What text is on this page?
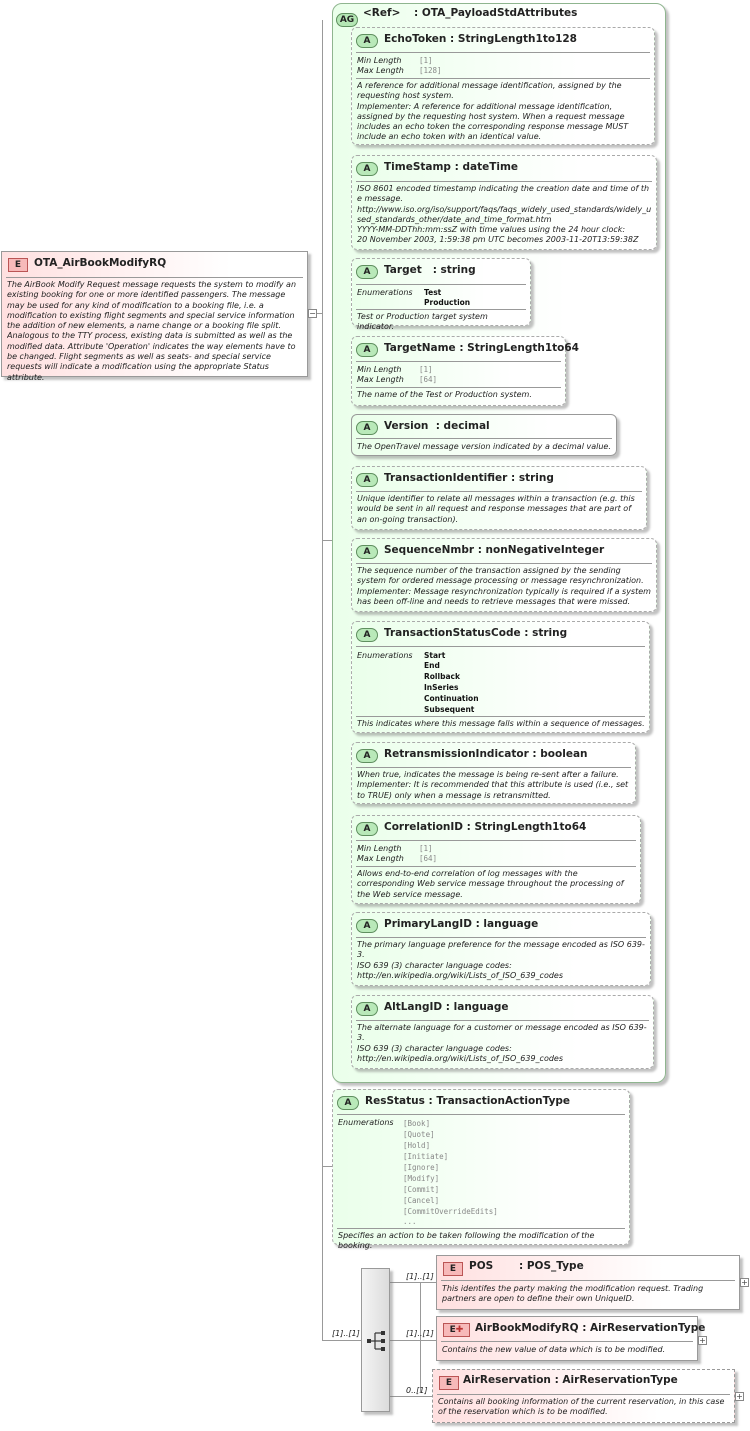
E	OTA_AirBookModifyRQ
The AirBook Modify Request message requests the system to modify an existing booking for one or more identified passengers. The message may be used for any kind of modification to a booking file, i.e. a modification to existing flight segments and special service information the addition of new elements, a name change or a booking file split. Analogous to the TTY process, existing data is submitted as well as the modified data. Attribute 'Operation' indicates the way elements have to be changed. Flight segments as well as seats- and special service requests will indicate a modification using the appropriate Status attribute.
−
AG
<Ref> : OTA_PayloadStdAttributes
A	EchoToken : StringLength1to128
Min Length [1]
Max Length [128]
A reference for additional message identification, assigned by the requesting host system.
Implementer: A reference for additional message identification, assigned by the requesting host system. When a request message includes an echo token the corresponding response message MUST include an echo token with an identical value.
A	TimeStamp : dateTime
ISO 8601 encoded timestamp indicating the creation date and time of the message.
http://www.iso.org/iso/support/faqs/faqs_widely_used_standards/widely_used_standards_other/date_and_time_format.htm
YYYY-MM-DDThh:mm:ssZ with time values using the 24 hour clock:
20 November 2003, 1:59:38 pm UTC becomes 2003-11-20T13:59:38Z
A	Target : string
Enumerations Test
Production
Test or Production target system indicator.
A	TargetName : StringLength1to64
Min Length [1]
Max Length [64]
The name of the Test or Production system.
A	Version : decimal
The OpenTravel message version indicated by a decimal value.
A	TransactionIdentifier : string
Unique identifier to relate all messages within a transaction (e.g. this would be sent in all request and response messages that are part of an on-going transaction).
A	SequenceNmbr : nonNegativeInteger
The sequence number of the transaction assigned by the sending system for ordered message processing or message resynchronization.
Implementer: Message resynchronization typically is required if a system has been off-line and needs to retrieve messages that were missed.
A	TransactionStatusCode : string
Enumerations Start
End
Rollback
InSeries
Continuation
Subsequent
This indicates where this message falls within a sequence of messages.
A	RetransmissionIndicator : boolean
When true, indicates the message is being re-sent after a failure.
Implementer: It is recommended that this attribute is used (i.e., set to TRUE) only when a message is retransmitted.
A	CorrelationID : StringLength1to64
Min Length [1]
Max Length [64]
Allows end-to-end correlation of log messages with the corresponding Web service message throughout the processing of the Web service message.
A	PrimaryLangID : language
The primary language preference for the message encoded as ISO 639-3.
ISO 639 (3) character language codes:
http://en.wikipedia.org/wiki/Lists_of_ISO_639_codes
A	AltLangID : language
The alternate language for a customer or message encoded as ISO 639-3.
ISO 639 (3) character language codes:
http://en.wikipedia.org/wiki/Lists_of_ISO_639_codes
A	ResStatus : TransactionActionType
Enumerations [Book]
[Quote]
[Hold]
[Initiate]
[Ignore]
[Modify]
[Commit]
[Cancel]
[CommitOverrideEdits]
...
Specifies an action to be taken following the modification of the booking.
[1]..[1]
[1]..[1]
E	POS : POS_Type
This identifes the party making the modification request. Trading partners are open to define their own UniqueID.
+
[1]..[1]	E✚	AirBookModifyRQ : AirReservationType
Contains the new value of data which is to be modified.
+
0..[1]
E	AirReservation : AirReservationType
Contains all booking information of the current reservation, in this case of the reservation which is to be modified.
+
